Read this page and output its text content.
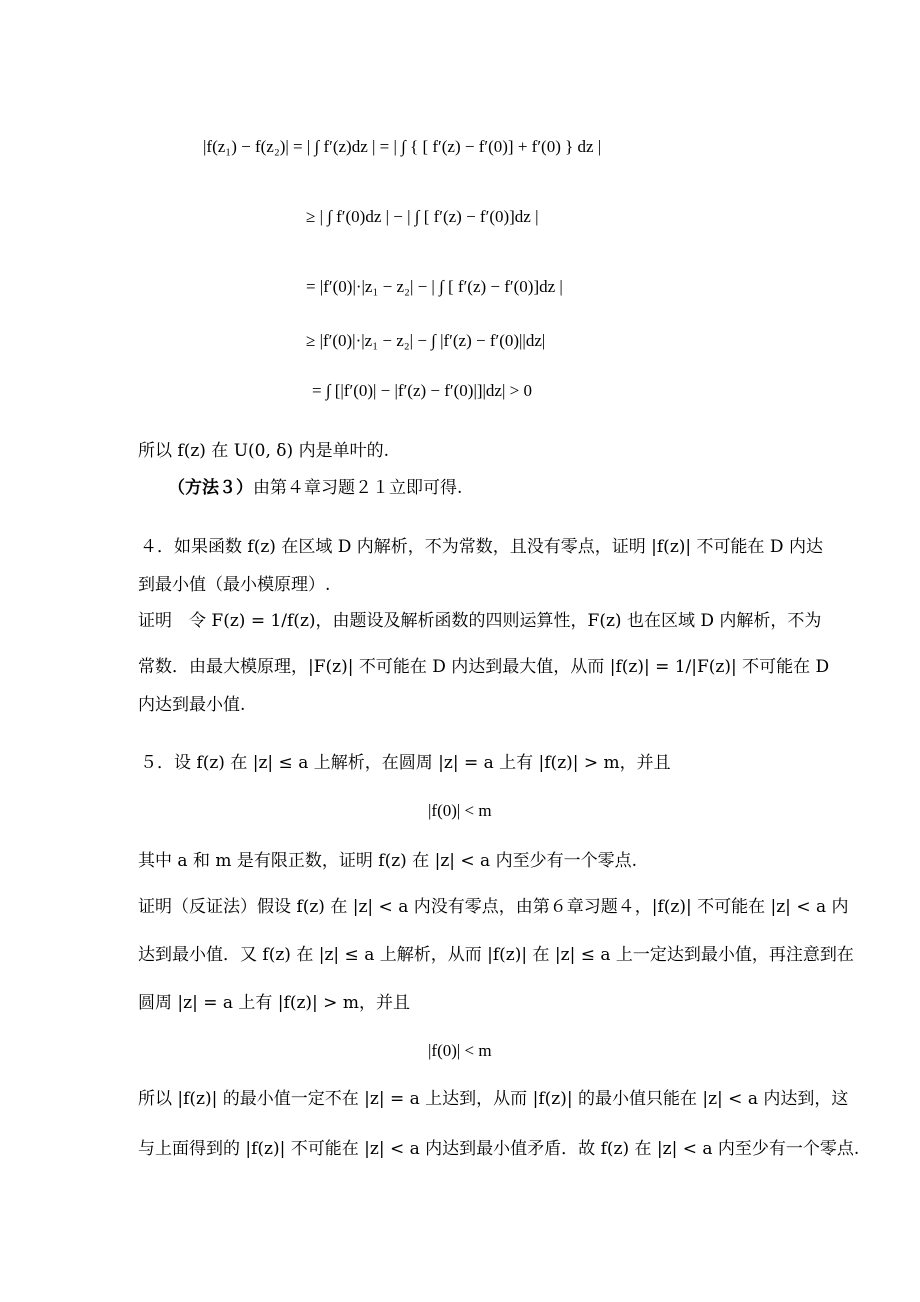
|f(z₁) − f(z₂)| = | ∫ f′(z)dz | = | ∫ { [ f′(z) − f′(0)] + f′(0) } dz |
≥ | ∫ f′(0)dz | − | ∫ [ f′(z) − f′(0)]dz |
= |f′(0)|·|z₁ − z₂| − | ∫ [ f′(z) − f′(0)]dz |
≥ |f′(0)|·|z₁ − z₂| − ∫ |f′(z) − f′(0)||dz|
= ∫ [|f′(0)| − |f′(z) − f′(0)|]|dz| > 0
所以 f(z) 在 U(0, δ) 内是单叶的.
（方法３）由第４章习题２１立即可得.
４．如果函数 f(z) 在区域 D 内解析，不为常数，且没有零点，证明 |f(z)| 不可能在 D 内达
到最小值（最小模原理）.
证明　令 F(z) = 1/f(z)，由题设及解析函数的四则运算性，F(z) 也在区域 D 内解析，不为
常数．由最大模原理，|F(z)| 不可能在 D 内达到最大值，从而 |f(z)| = 1/|F(z)| 不可能在 D
内达到最小值.
５．设 f(z) 在 |z| ≤ a 上解析，在圆周 |z| = a 上有 |f(z)| > m，并且
|f(0)| < m
其中 a 和 m 是有限正数，证明 f(z) 在 |z| < a 内至少有一个零点.
证明（反证法）假设 f(z) 在 |z| < a 内没有零点，由第６章习题４，|f(z)| 不可能在 |z| < a 内
达到最小值．又 f(z) 在 |z| ≤ a 上解析，从而 |f(z)| 在 |z| ≤ a 上一定达到最小值，再注意到在
圆周 |z| = a 上有 |f(z)| > m，并且
|f(0)| < m
所以 |f(z)| 的最小值一定不在 |z| = a 上达到，从而 |f(z)| 的最小值只能在 |z| < a 内达到，这
与上面得到的 |f(z)| 不可能在 |z| < a 内达到最小值矛盾．故 f(z) 在 |z| < a 内至少有一个零点.
